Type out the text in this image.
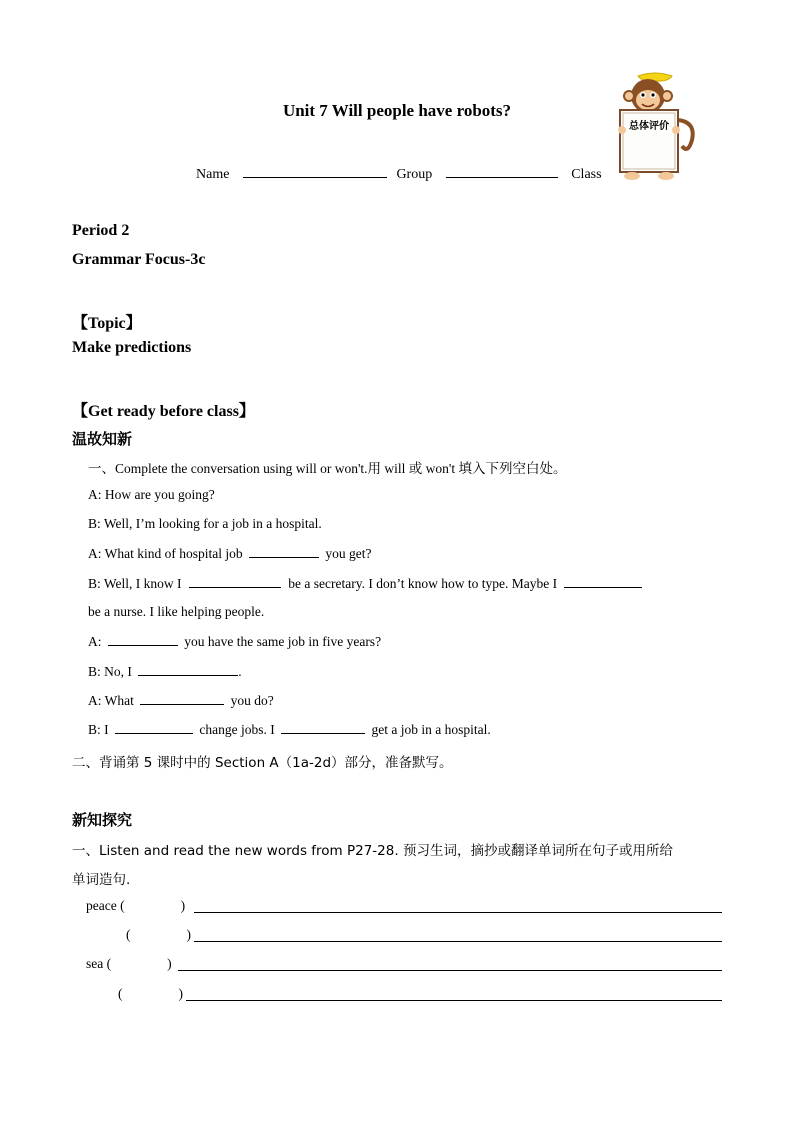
Unit 7 Will people have robots?
总体评价
Name	Group	Class
Period 2
Grammar Focus-3c
【Topic】
Make predictions
【Get ready before class】
温故知新
一、Complete the conversation using will or won't.用 will 或 won't 填入下列空白处。
A: How are you going?
B: Well, I’m looking for a job in a hospital.
A: What kind of hospital job	you get?
B: Well, I know I	be a secretary. I don’t know how to type. Maybe I
be a nurse. I like helping people.
A:	you have the same job in five years?
B: No, I	.
A: What	you do?
B: I	change jobs. I	get a job in a hospital.
二、背诵第 5 课时中的 Section A（1a-2d）部分，准备默写。
新知探究
一、Listen and read the new words from P27-28. 预习生词，摘抄或翻译单词所在句子或用所给
单词造句.
peace (	)
(	)
sea (	)
(	)
